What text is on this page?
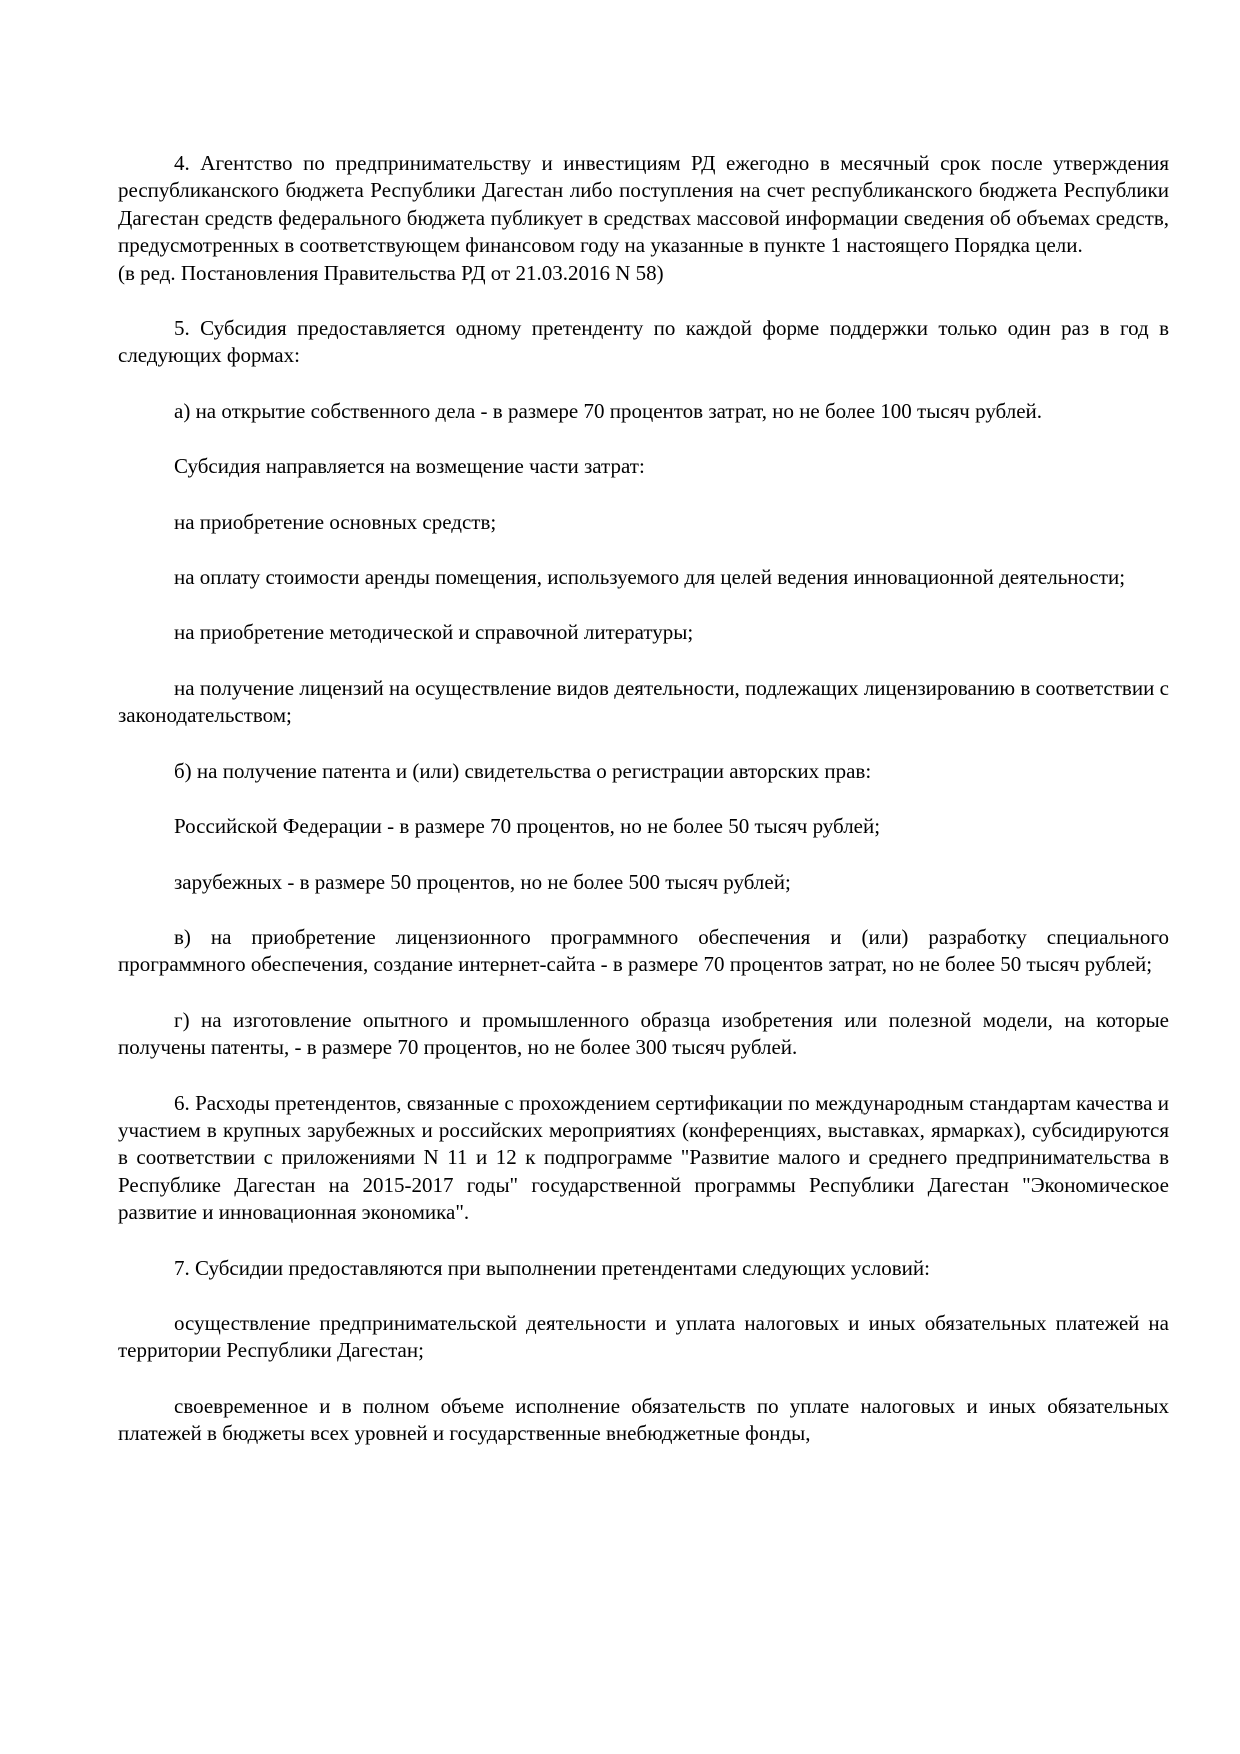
4. Агентство по предпринимательству и инвестициям РД ежегодно в месячный срок после утверждения республиканского бюджета Республики Дагестан либо поступления на счет республиканского бюджета Республики Дагестан средств федерального бюджета публикует в средствах массовой информации сведения об объемах средств, предусмотренных в соответствующем финансовом году на указанные в пункте 1 настоящего Порядка цели.

(в ред. Постановления Правительства РД от 21.03.2016 N 58)

5. Субсидия предоставляется одному претенденту по каждой форме поддержки только один раз в год в следующих формах:

а) на открытие собственного дела - в размере 70 процентов затрат, но не более 100 тысяч рублей.

Субсидия направляется на возмещение части затрат:

на приобретение основных средств;

на оплату стоимости аренды помещения, используемого для целей ведения инновационной деятельности;

на приобретение методической и справочной литературы;

на получение лицензий на осуществление видов деятельности, подлежащих лицензированию в соответствии с законодательством;

б) на получение патента и (или) свидетельства о регистрации авторских прав:

Российской Федерации - в размере 70 процентов, но не более 50 тысяч рублей;

зарубежных - в размере 50 процентов, но не более 500 тысяч рублей;

в) на приобретение лицензионного программного обеспечения и (или) разработку специального программного обеспечения, создание интернет-сайта - в размере 70 процентов затрат, но не более 50 тысяч рублей;

г) на изготовление опытного и промышленного образца изобретения или полезной модели, на которые получены патенты, - в размере 70 процентов, но не более 300 тысяч рублей.

6. Расходы претендентов, связанные с прохождением сертификации по международным стандартам качества и участием в крупных зарубежных и российских мероприятиях (конференциях, выставках, ярмарках), субсидируются в соответствии с приложениями N 11 и 12 к подпрограмме "Развитие малого и среднего предпринимательства в Республике Дагестан на 2015-2017 годы" государственной программы Республики Дагестан "Экономическое развитие и инновационная экономика".

7. Субсидии предоставляются при выполнении претендентами следующих условий:

осуществление предпринимательской деятельности и уплата налоговых и иных обязательных платежей на территории Республики Дагестан;

своевременное и в полном объеме исполнение обязательств по уплате налоговых и иных обязательных платежей в бюджеты всех уровней и государственные внебюджетные фонды,
